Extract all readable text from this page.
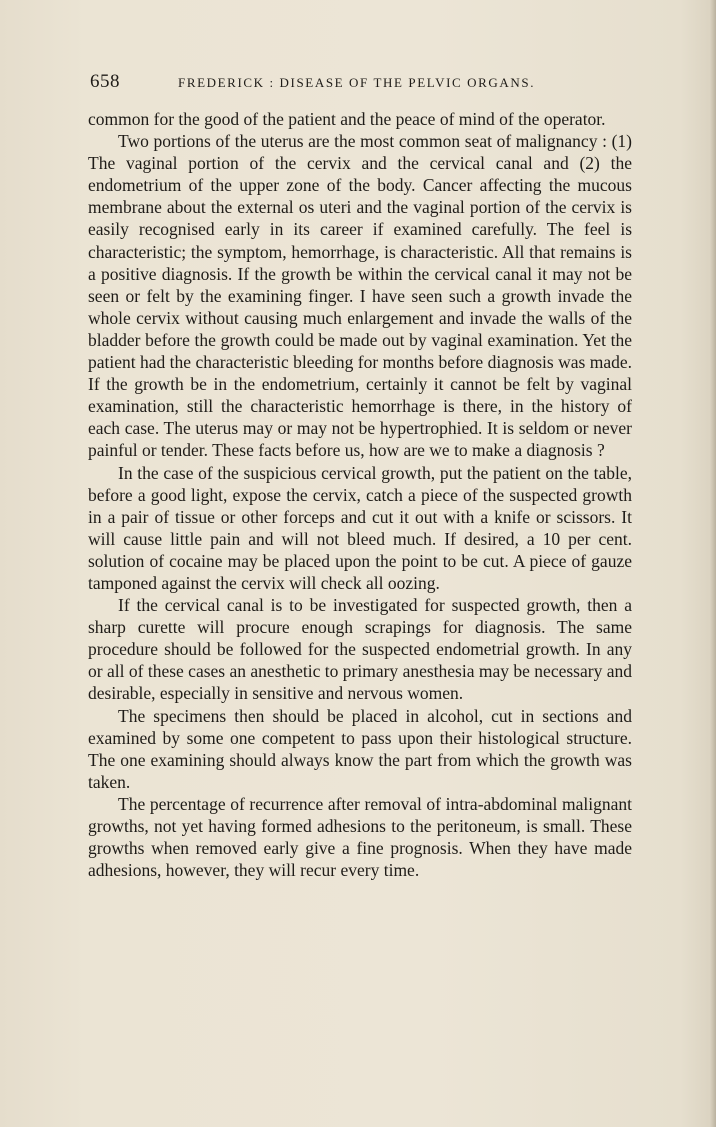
658	FREDERICK : DISEASE OF THE PELVIC ORGANS.

common for the good of the patient and the peace of mind of the operator.

Two portions of the uterus are the most common seat of malignancy : (1) The vaginal portion of the cervix and the cervical canal and (2) the endometrium of the upper zone of the body. Cancer affecting the mucous membrane about the external os uteri and the vaginal portion of the cervix is easily recognised early in its career if examined carefully. The feel is characteristic; the symptom, hemorrhage, is characteristic. All that remains is a positive diagnosis. If the growth be within the cervical canal it may not be seen or felt by the examining finger. I have seen such a growth invade the whole cervix without causing much enlargement and invade the walls of the bladder before the growth could be made out by vaginal examination. Yet the patient had the characteristic bleeding for months before diagnosis was made. If the growth be in the endometrium, certainly it cannot be felt by vaginal examination, still the characteristic hemorrhage is there, in the history of each case. The uterus may or may not be hypertrophied. It is seldom or never painful or tender. These facts before us, how are we to make a diagnosis ?

In the case of the suspicious cervical growth, put the patient on the table, before a good light, expose the cervix, catch a piece of the suspected growth in a pair of tissue or other forceps and cut it out with a knife or scissors. It will cause little pain and will not bleed much. If desired, a 10 per cent. solution of cocaine may be placed upon the point to be cut. A piece of gauze tamponed against the cervix will check all oozing.

If the cervical canal is to be investigated for suspected growth, then a sharp curette will procure enough scrapings for diagnosis. The same procedure should be followed for the suspected endometrial growth. In any or all of these cases an anesthetic to primary anesthesia may be necessary and desirable, especially in sensitive and nervous women.

The specimens then should be placed in alcohol, cut in sections and examined by some one competent to pass upon their histological structure. The one examining should always know the part from which the growth was taken.

The percentage of recurrence after removal of intra-abdominal malignant growths, not yet having formed adhesions to the peritoneum, is small. These growths when removed early give a fine prognosis. When they have made adhesions, however, they will recur every time.
